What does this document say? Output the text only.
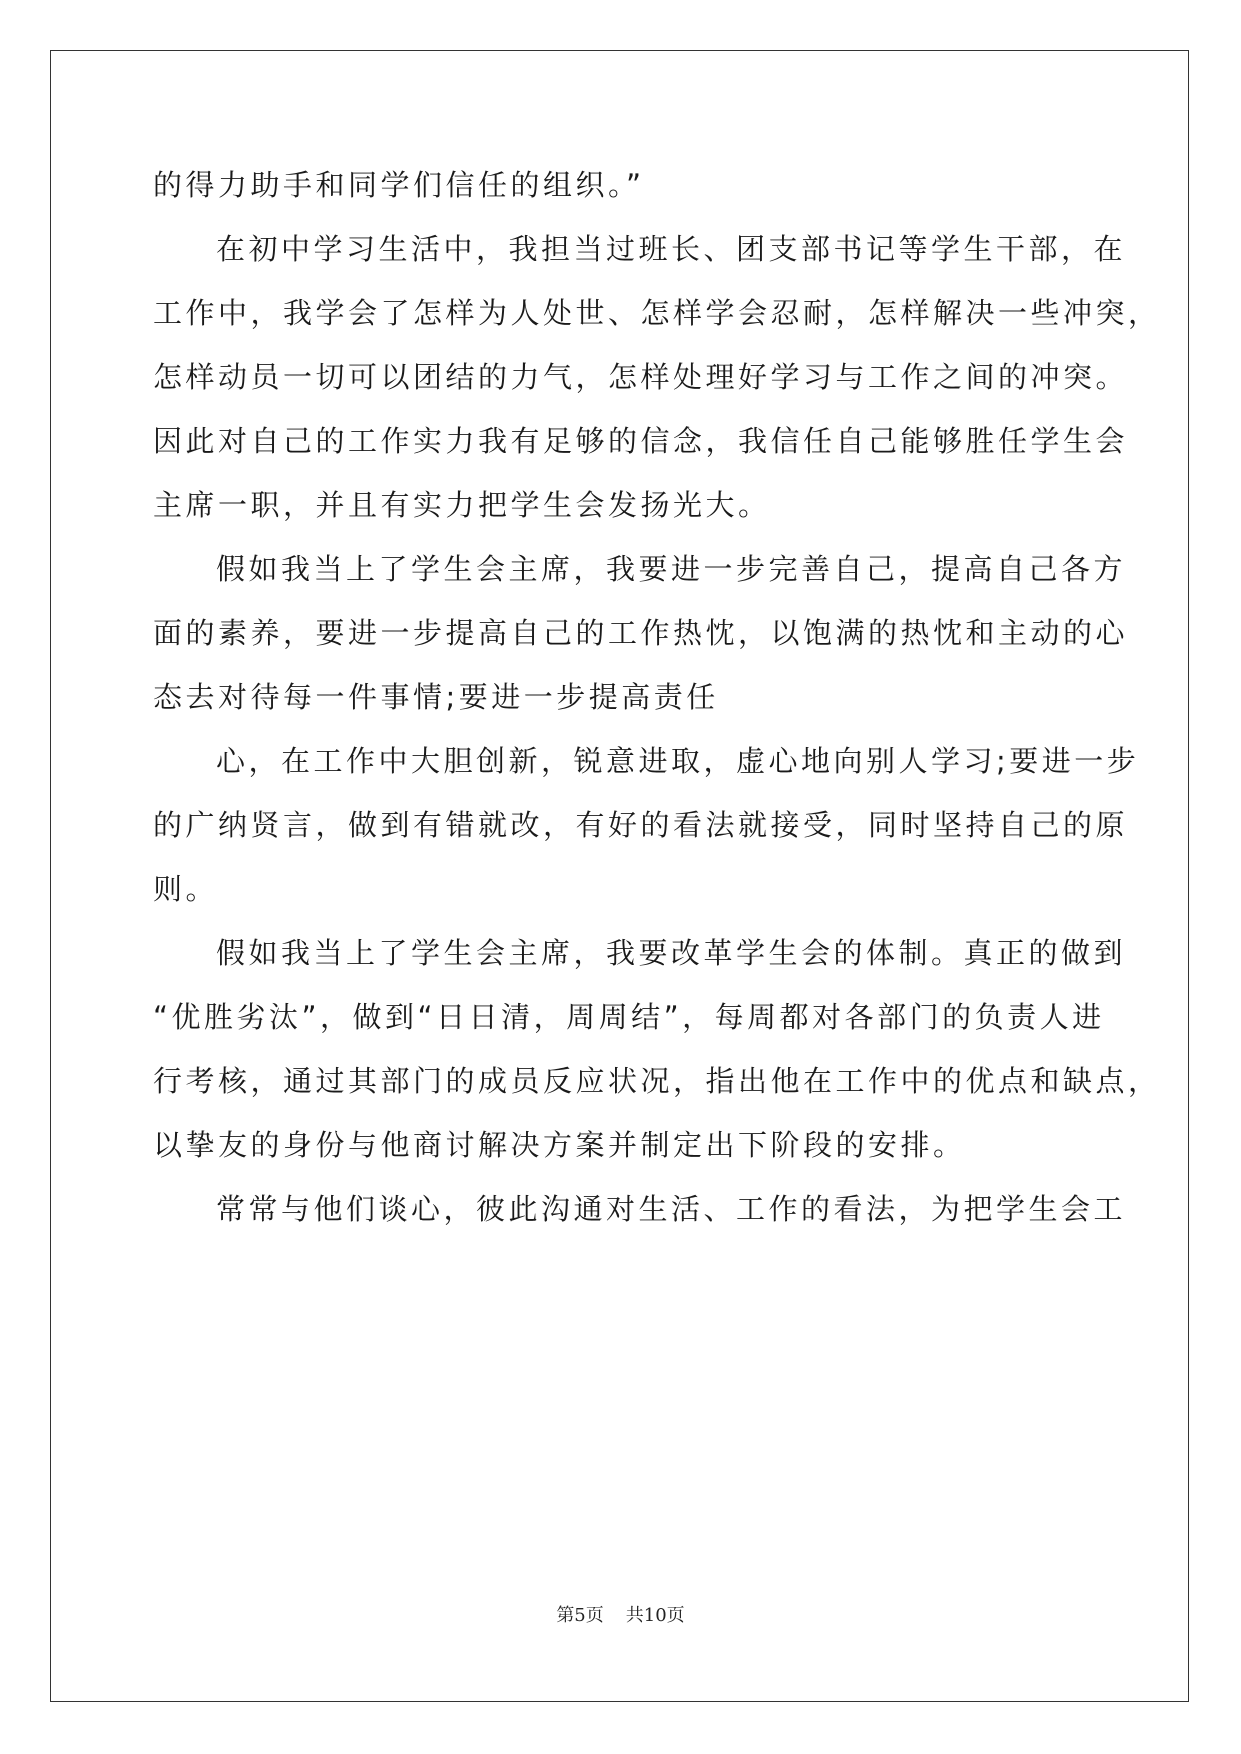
的得力助手和同学们信任的组织。”
在初中学习生活中，我担当过班长、团支部书记等学生干部，在
工作中，我学会了怎样为人处世、怎样学会忍耐，怎样解决一些冲突，
怎样动员一切可以团结的力气，怎样处理好学习与工作之间的冲突。
因此对自己的工作实力我有足够的信念，我信任自己能够胜任学生会
主席一职，并且有实力把学生会发扬光大。
假如我当上了学生会主席，我要进一步完善自己，提高自己各方
面的素养，要进一步提高自己的工作热忱，以饱满的热忱和主动的心
态去对待每一件事情;要进一步提高责任
心，在工作中大胆创新，锐意进取，虚心地向别人学习;要进一步
的广纳贤言，做到有错就改，有好的看法就接受，同时坚持自己的原
则。
假如我当上了学生会主席，我要改革学生会的体制。真正的做到
“优胜劣汰”，做到“日日清，周周结”，每周都对各部门的负责人进
行考核，通过其部门的成员反应状况，指出他在工作中的优点和缺点，
以挚友的身份与他商讨解决方案并制定出下阶段的安排。
常常与他们谈心，彼此沟通对生活、工作的看法，为把学生会工
第5页 共10页
